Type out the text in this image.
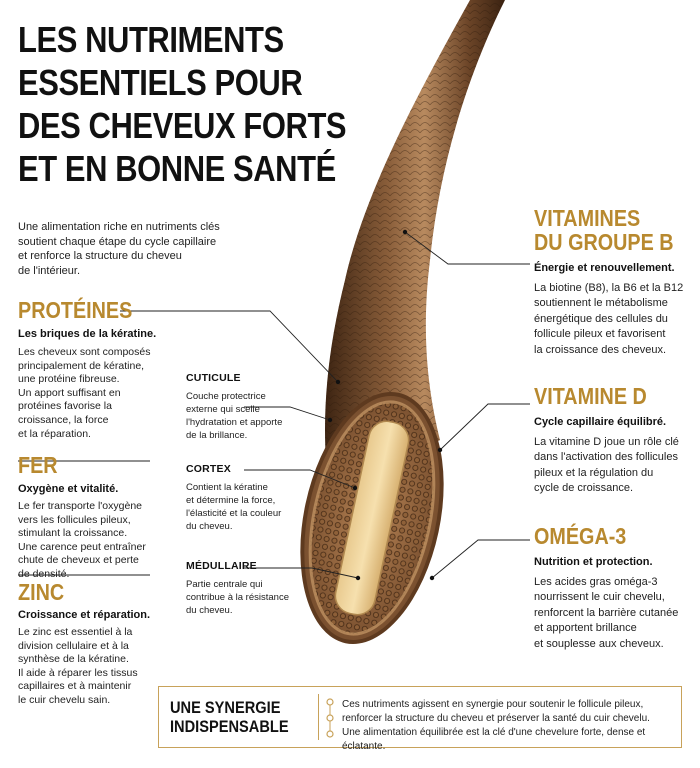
LES NUTRIMENTS
ESSENTIELS POUR
DES CHEVEUX FORTS
ET EN BONNE SANTÉ
Une alimentation riche en nutriments clés
soutient chaque étape du cycle capillaire
et renforce la structure du cheveu
de l'intérieur.
PROTÉINES
Les briques de la kératine.
Les cheveux sont composés
principalement de kératine,
une protéine fibreuse.
Un apport suffisant en
protéines favorise la
croissance, la force
et la réparation.
FER
Oxygène et vitalité.
Le fer transporte l'oxygène
vers les follicules pileux,
stimulant la croissance.
Une carence peut entraîner
chute de cheveux et perte
de densité.
ZINC
Croissance et réparation.
Le zinc est essentiel à la
division cellulaire et à la
synthèse de la kératine.
Il aide à réparer les tissus
capillaires et à maintenir
le cuir chevelu sain.
CUTICULE
Couche protectrice
externe qui scelle
l'hydratation et apporte
de la brillance.
CORTEX
Contient la kératine
et détermine la force,
l'élasticité et la couleur
du cheveu.
MÉDULLAIRE
Partie centrale qui
contribue à la résistance
du cheveu.
VITAMINES
DU GROUPE B
Énergie et renouvellement.
La biotine (B8), la B6 et la B12
soutiennent le métabolisme
énergétique des cellules du
follicule pileux et favorisent
la croissance des cheveux.
VITAMINE D
Cycle capillaire équilibré.
La vitamine D joue un rôle clé
dans l'activation des follicules
pileux et la régulation du
cycle de croissance.
OMÉGA-3
Nutrition et protection.
Les acides gras oméga-3
nourrissent le cuir chevelu,
renforcent la barrière cutanée
et apportent brillance
et souplesse aux cheveux.
UNE SYNERGIE
INDISPENSABLE
Ces nutriments agissent en synergie pour soutenir le follicule pileux,
renforcer la structure du cheveu et préserver la santé du cuir chevelu.
Une alimentation équilibrée est la clé d'une chevelure forte, dense et éclatante.
